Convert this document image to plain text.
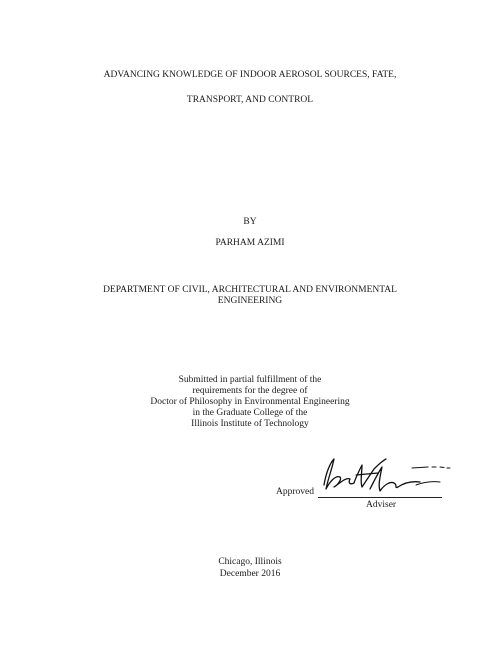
ADVANCING KNOWLEDGE OF INDOOR AEROSOL SOURCES, FATE,
TRANSPORT, AND CONTROL
BY
PARHAM AZIMI
DEPARTMENT OF CIVIL, ARCHITECTURAL AND ENVIRONMENTAL
ENGINEERING
Submitted in partial fulfillment of the
requirements for the degree of
Doctor of Philosophy in Environmental Engineering
in the Graduate College of the
Illinois Institute of Technology
Approved
Adviser
Chicago, Illinois
December 2016
